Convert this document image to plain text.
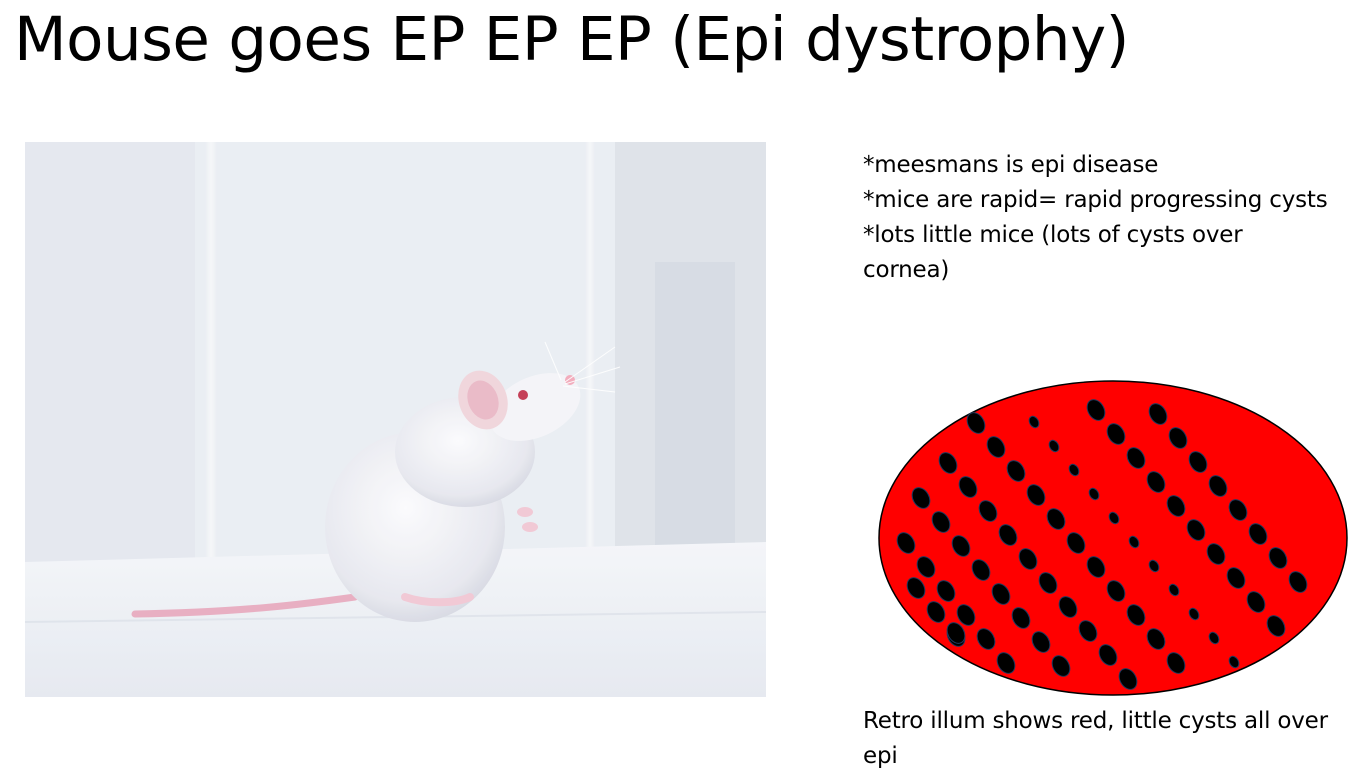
Mouse goes EP EP EP (Epi dystrophy)
*meesmans is epi disease
*mice are rapid= rapid progressing cysts
*lots little mice (lots of cysts over cornea)
Retro illum shows red, little cysts all over epi
